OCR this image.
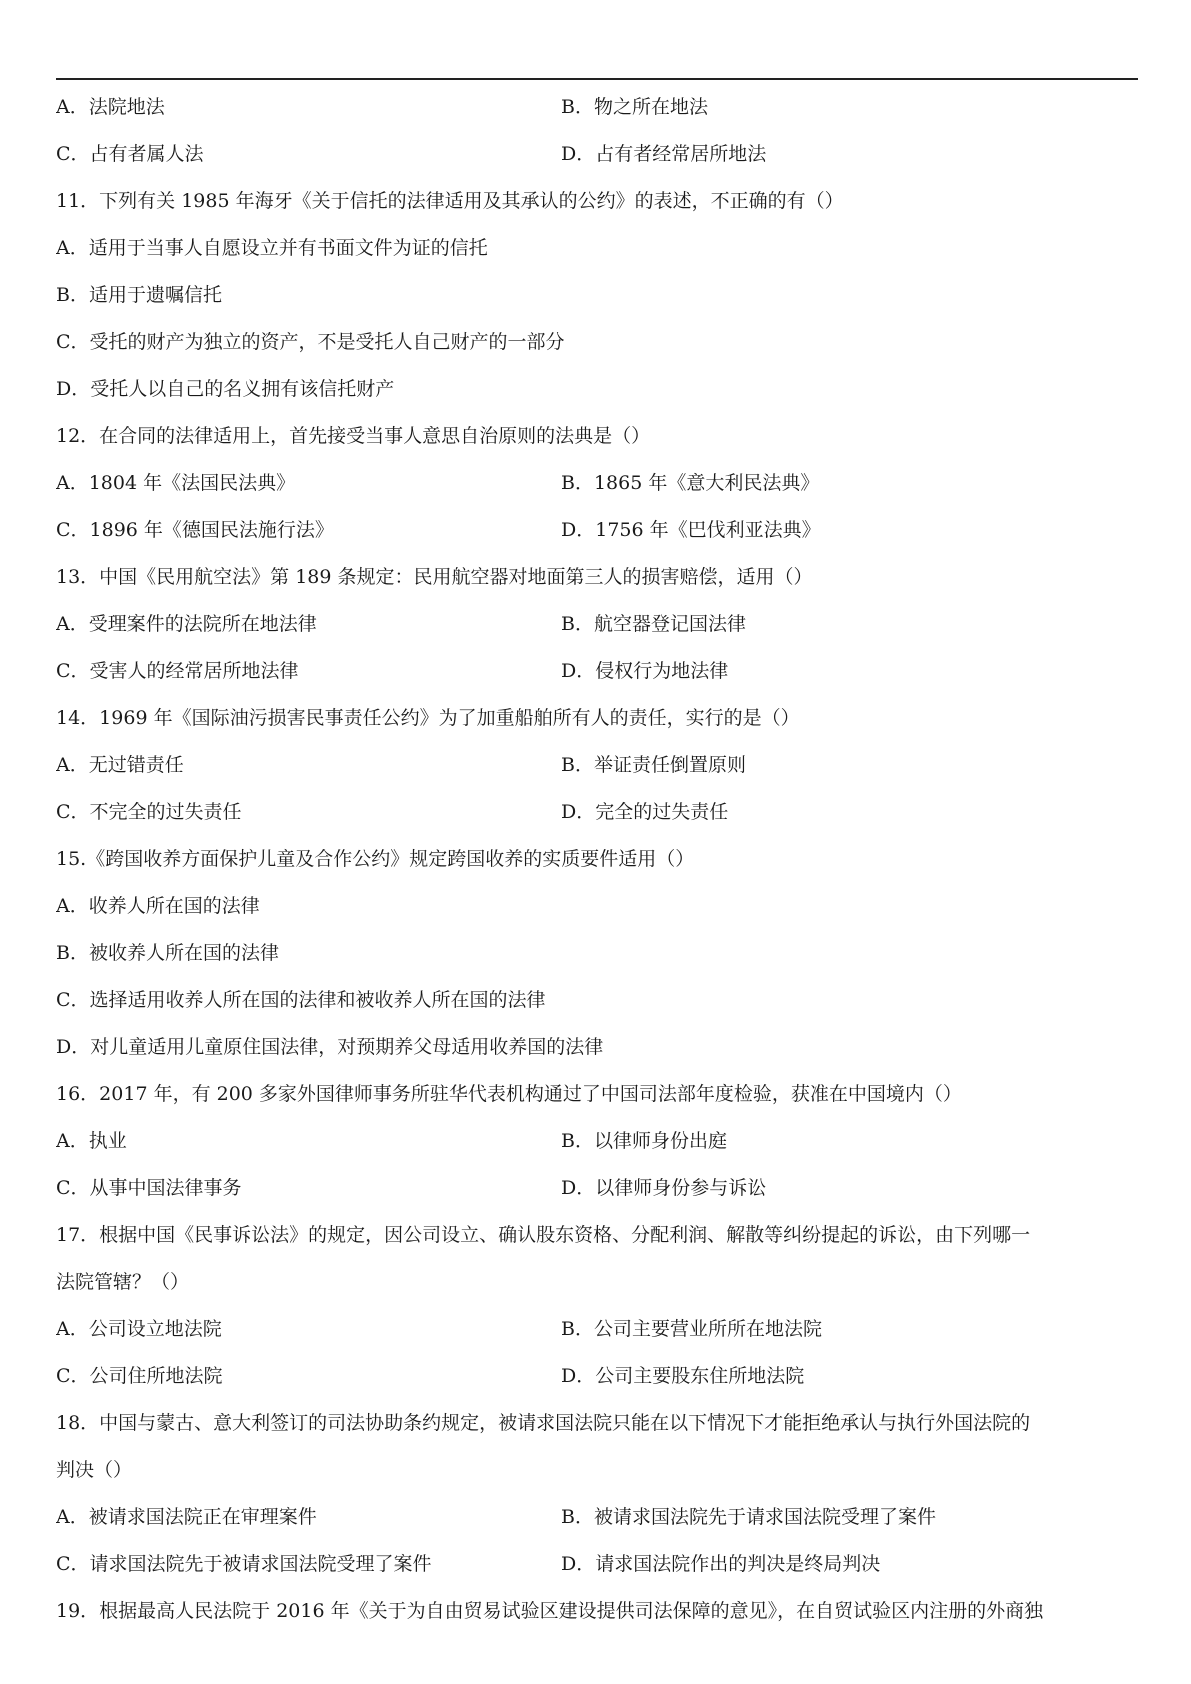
A．法院地法	B．物之所在地法
C．占有者属人法	D．占有者经常居所地法
11．下列有关 1985 年海牙《关于信托的法律适用及其承认的公约》的表述，不正确的有（）
A．适用于当事人自愿设立并有书面文件为证的信托
B．适用于遗嘱信托
C．受托的财产为独立的资产，不是受托人自己财产的一部分
D．受托人以自己的名义拥有该信托财产
12．在合同的法律适用上，首先接受当事人意思自治原则的法典是（）
A．1804 年《法国民法典》	B．1865 年《意大利民法典》
C．1896 年《德国民法施行法》	D．1756 年《巴伐利亚法典》
13．中国《民用航空法》第 189 条规定：民用航空器对地面第三人的损害赔偿，适用（）
A．受理案件的法院所在地法律	B．航空器登记国法律
C．受害人的经常居所地法律	D．侵权行为地法律
14．1969 年《国际油污损害民事责任公约》为了加重船舶所有人的责任，实行的是（）
A．无过错责任	B．举证责任倒置原则
C．不完全的过失责任	D．完全的过失责任
15.《跨国收养方面保护儿童及合作公约》规定跨国收养的实质要件适用（）
A．收养人所在国的法律
B．被收养人所在国的法律
C．选择适用收养人所在国的法律和被收养人所在国的法律
D．对儿童适用儿童原住国法律，对预期养父母适用收养国的法律
16．2017 年，有 200 多家外国律师事务所驻华代表机构通过了中国司法部年度检验，获准在中国境内（）
A．执业	B．以律师身份出庭
C．从事中国法律事务	D．以律师身份参与诉讼
17．根据中国《民事诉讼法》的规定，因公司设立、确认股东资格、分配利润、解散等纠纷提起的诉讼，由下列哪一
法院管辖？（）
A．公司设立地法院	B．公司主要营业所所在地法院
C．公司住所地法院	D．公司主要股东住所地法院
18．中国与蒙古、意大利签订的司法协助条约规定，被请求国法院只能在以下情况下才能拒绝承认与执行外国法院的
判决（）
A．被请求国法院正在审理案件	B．被请求国法院先于请求国法院受理了案件
C．请求国法院先于被请求国法院受理了案件	D．请求国法院作出的判决是终局判决
19．根据最高人民法院于 2016 年《关于为自由贸易试验区建设提供司法保障的意见》，在自贸试验区内注册的外商独
